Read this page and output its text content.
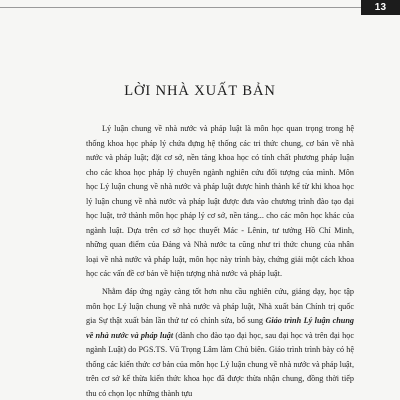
13
LỜI NHÀ XUẤT BẢN

Lý luận chung về nhà nước và pháp luật là môn học quan trọng trong hệ thống khoa học pháp lý chứa đựng hệ thống các tri thức chung, cơ bản về nhà nước và pháp luật; đặt cơ sở, nền tảng khoa học có tính chất phương pháp luận cho các khoa học pháp lý chuyên ngành nghiên cứu đối tượng của mình. Môn học Lý luận chung về nhà nước và pháp luật được hình thành kể từ khi khoa học lý luận chung về nhà nước và pháp luật được đưa vào chương trình đào tạo đại học luật, trở thành môn học pháp lý cơ sở, nền tảng... cho các môn học khác của ngành luật. Dựa trên cơ sở học thuyết Mác - Lênin, tư tưởng Hồ Chí Minh, những quan điểm của Đảng và Nhà nước ta cũng như tri thức chung của nhân loại về nhà nước và pháp luật, môn học này trình bày, chứng giải một cách khoa học các vấn đề cơ bản về hiện tượng nhà nước và pháp luật.

Nhằm đáp ứng ngày càng tốt hơn nhu cầu nghiên cứu, giảng dạy, học tập môn học Lý luận chung về nhà nước và pháp luật, Nhà xuất bản Chính trị quốc gia Sự thật xuất bản lần thứ tư có chỉnh sửa, bổ sung Giáo trình Lý luận chung về nhà nước và pháp luật (dành cho đào tạo đại học, sau đại học và trên đại học ngành Luật) do PGS.TS. Vũ Trọng Lâm làm Chủ biên. Giáo trình trình bày có hệ thống các kiến thức cơ bản của môn học Lý luận chung về nhà nước và pháp luật, trên cơ sở kế thừa kiến thức khoa học đã được thừa nhận chung, đồng thời tiếp thu có chọn lọc những thành tựu
